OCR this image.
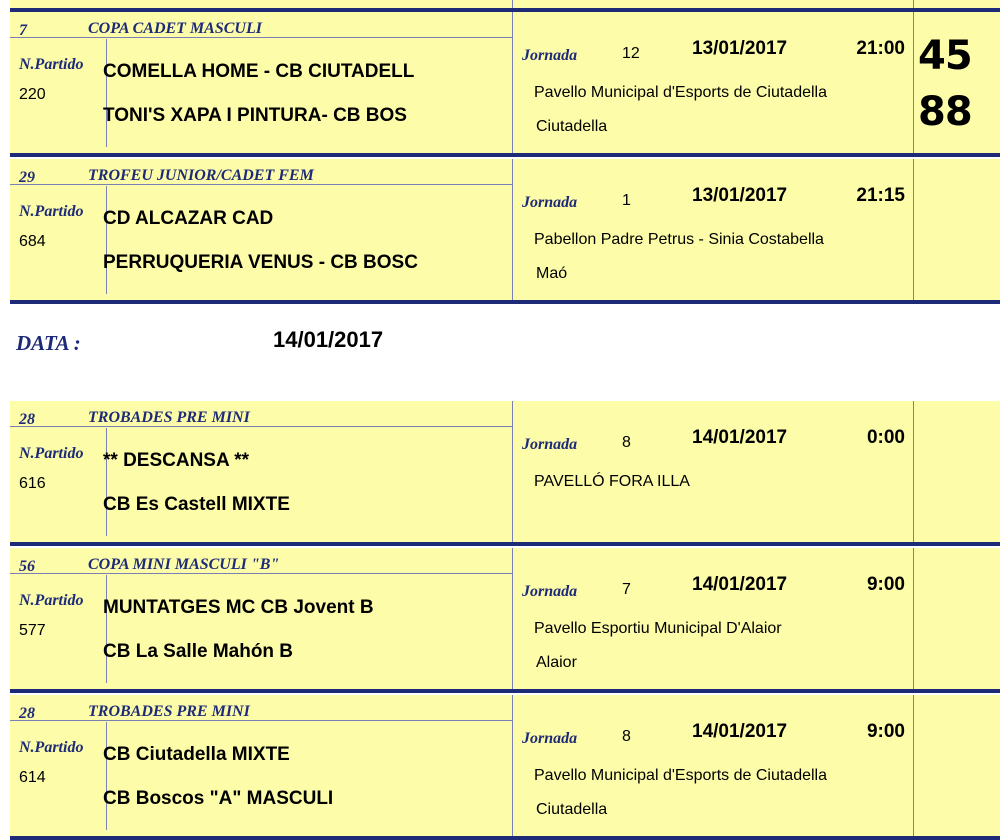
7	COPA CADET MASCULI
N.Partido
220
COMELLA HOME - CB CIUTADELL
TONI'S XAPA I PINTURA- CB BOS
Jornada	12	13/01/2017	21:00
Pavello Municipal d'Esports de Ciutadella
Ciutadella
45
88
29	TROFEU JUNIOR/CADET FEM
N.Partido
684
CD ALCAZAR CAD
PERRUQUERIA VENUS - CB BOSC
Jornada	1	13/01/2017	21:15
Pabellon Padre Petrus - Sinia Costabella
Maó
28	TROBADES PRE MINI
N.Partido
616
** DESCANSA **
CB Es Castell MIXTE
Jornada	8	14/01/2017	0:00
PAVELLÓ FORA ILLA
56	COPA MINI MASCULI "B"
N.Partido
577
MUNTATGES MC CB Jovent B
CB La Salle Mahón B
Jornada	7	14/01/2017	9:00
Pavello Esportiu Municipal D'Alaior
Alaior
28	TROBADES PRE MINI
N.Partido
614
CB Ciutadella MIXTE
CB Boscos "A" MASCULI
Jornada	8	14/01/2017	9:00
Pavello Municipal d'Esports de Ciutadella
Ciutadella
DATA :	14/01/2017
